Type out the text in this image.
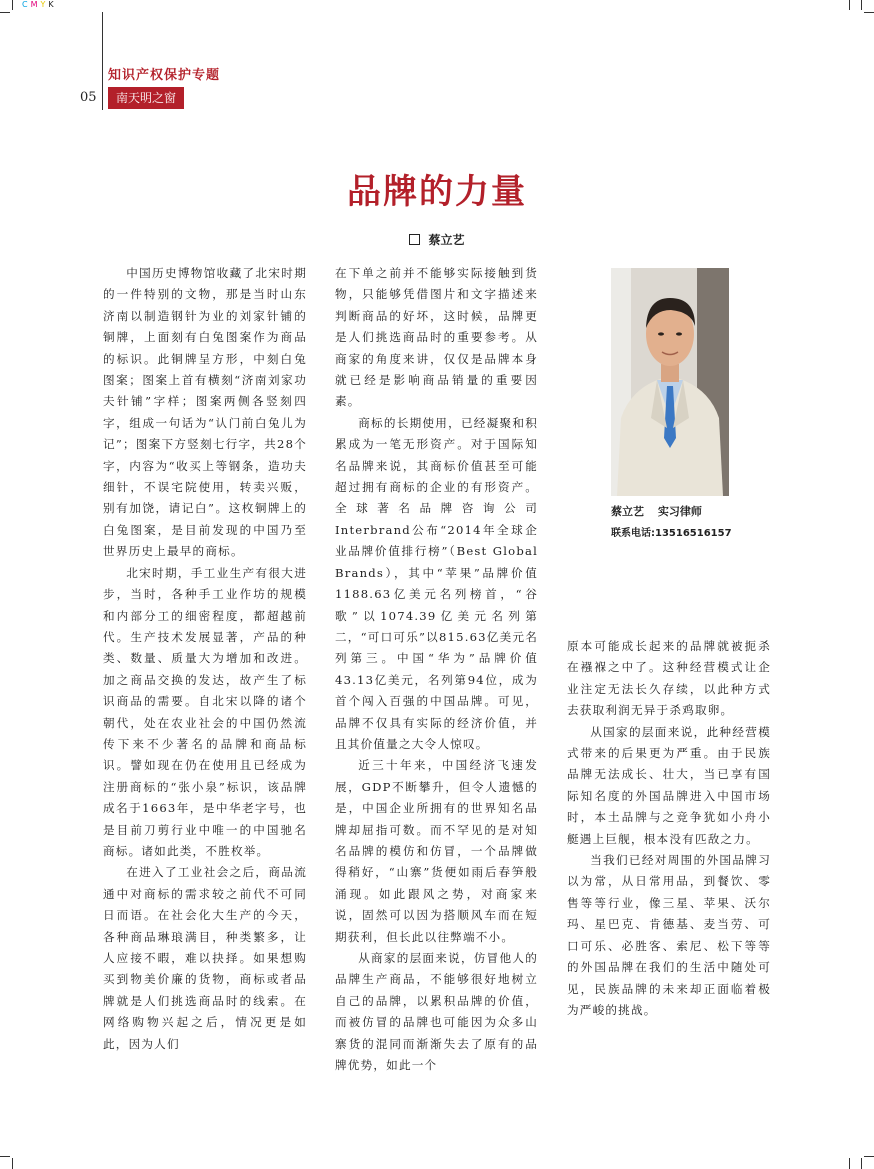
CMYK
知识产权保护专题
05	南天明之窗
品牌的力量
蔡立艺

中国历史博物馆收藏了北宋时期的一件特别的文物，那是当时山东济南以制造钢针为业的刘家针铺的铜牌，上面刻有白兔图案作为商品的标识。此铜牌呈方形，中刻白兔图案；图案上首有横刻“济南刘家功夫针铺”字样；图案两侧各竖刻四字，组成一句话为“认门前白兔儿为记”；图案下方竖刻七行字，共28个字，内容为“收买上等钢条，造功夫细针，不误宅院使用，转卖兴贩，别有加饶，请记白”。这枚铜牌上的白兔图案，是目前发现的中国乃至世界历史上最早的商标。

北宋时期，手工业生产有很大进步，当时，各种手工业作坊的规模和内部分工的细密程度，都超越前代。生产技术发展显著，产品的种类、数量、质量大为增加和改进。加之商品交换的发达，故产生了标识商品的需要。自北宋以降的诸个朝代，处在农业社会的中国仍然流传下来不少著名的品牌和商品标识。譬如现在仍在使用且已经成为注册商标的“张小泉”标识，该品牌成名于1663年，是中华老字号，也是目前刀剪行业中唯一的中国驰名商标。诸如此类，不胜枚举。

在进入了工业社会之后，商品流通中对商标的需求较之前代不可同日而语。在社会化大生产的今天，各种商品琳琅满目，种类繁多，让人应接不暇，难以抉择。如果想购买到物美价廉的货物，商标或者品牌就是人们挑选商品时的线索。在网络购物兴起之后，情况更是如此，因为人们

在下单之前并不能够实际接触到货物，只能够凭借图片和文字描述来判断商品的好坏，这时候，品牌更是人们挑选商品时的重要参考。从商家的角度来讲，仅仅是品牌本身就已经是影响商品销量的重要因素。

商标的长期使用，已经凝聚和积累成为一笔无形资产。对于国际知名品牌来说，其商标价值甚至可能超过拥有商标的企业的有形资产。全球著名品牌咨询公司Interbrand公布“2014年全球企业品牌价值排行榜”（Best Global Brands），其中“苹果”品牌价值1188.63亿美元名列榜首，“谷歌”以1074.39亿美元名列第二，“可口可乐”以815.63亿美元名列第三。中国“华为”品牌价值43.13亿美元，名列第94位，成为首个闯入百强的中国品牌。可见，品牌不仅具有实际的经济价值，并且其价值量之大令人惊叹。

近三十年来，中国经济飞速发展，GDP不断攀升，但令人遗憾的是，中国企业所拥有的世界知名品牌却屈指可数。而不罕见的是对知名品牌的模仿和仿冒，一个品牌做得稍好，“山寨”货便如雨后春笋般涌现。如此跟风之势，对商家来说，固然可以因为搭顺风车而在短期获利，但长此以往弊端不小。

从商家的层面来说，仿冒他人的品牌生产商品，不能够很好地树立自己的品牌，以累积品牌的价值，而被仿冒的品牌也可能因为众多山寨货的混同而渐渐失去了原有的品牌优势，如此一个

蔡立艺 实习律师
联系电话:13516516157

原本可能成长起来的品牌就被扼杀在襁褓之中了。这种经营模式让企业注定无法长久存续，以此种方式去获取利润无异于杀鸡取卵。

从国家的层面来说，此种经营模式带来的后果更为严重。由于民族品牌无法成长、壮大，当已享有国际知名度的外国品牌进入中国市场时，本土品牌与之竞争犹如小舟小艇遇上巨舰，根本没有匹敌之力。

当我们已经对周围的外国品牌习以为常，从日常用品，到餐饮、零售等等行业，像三星、苹果、沃尔玛、星巴克、肯德基、麦当劳、可口可乐、必胜客、索尼、松下等等的外国品牌在我们的生活中随处可见，民族品牌的未来却正面临着极为严峻的挑战。
